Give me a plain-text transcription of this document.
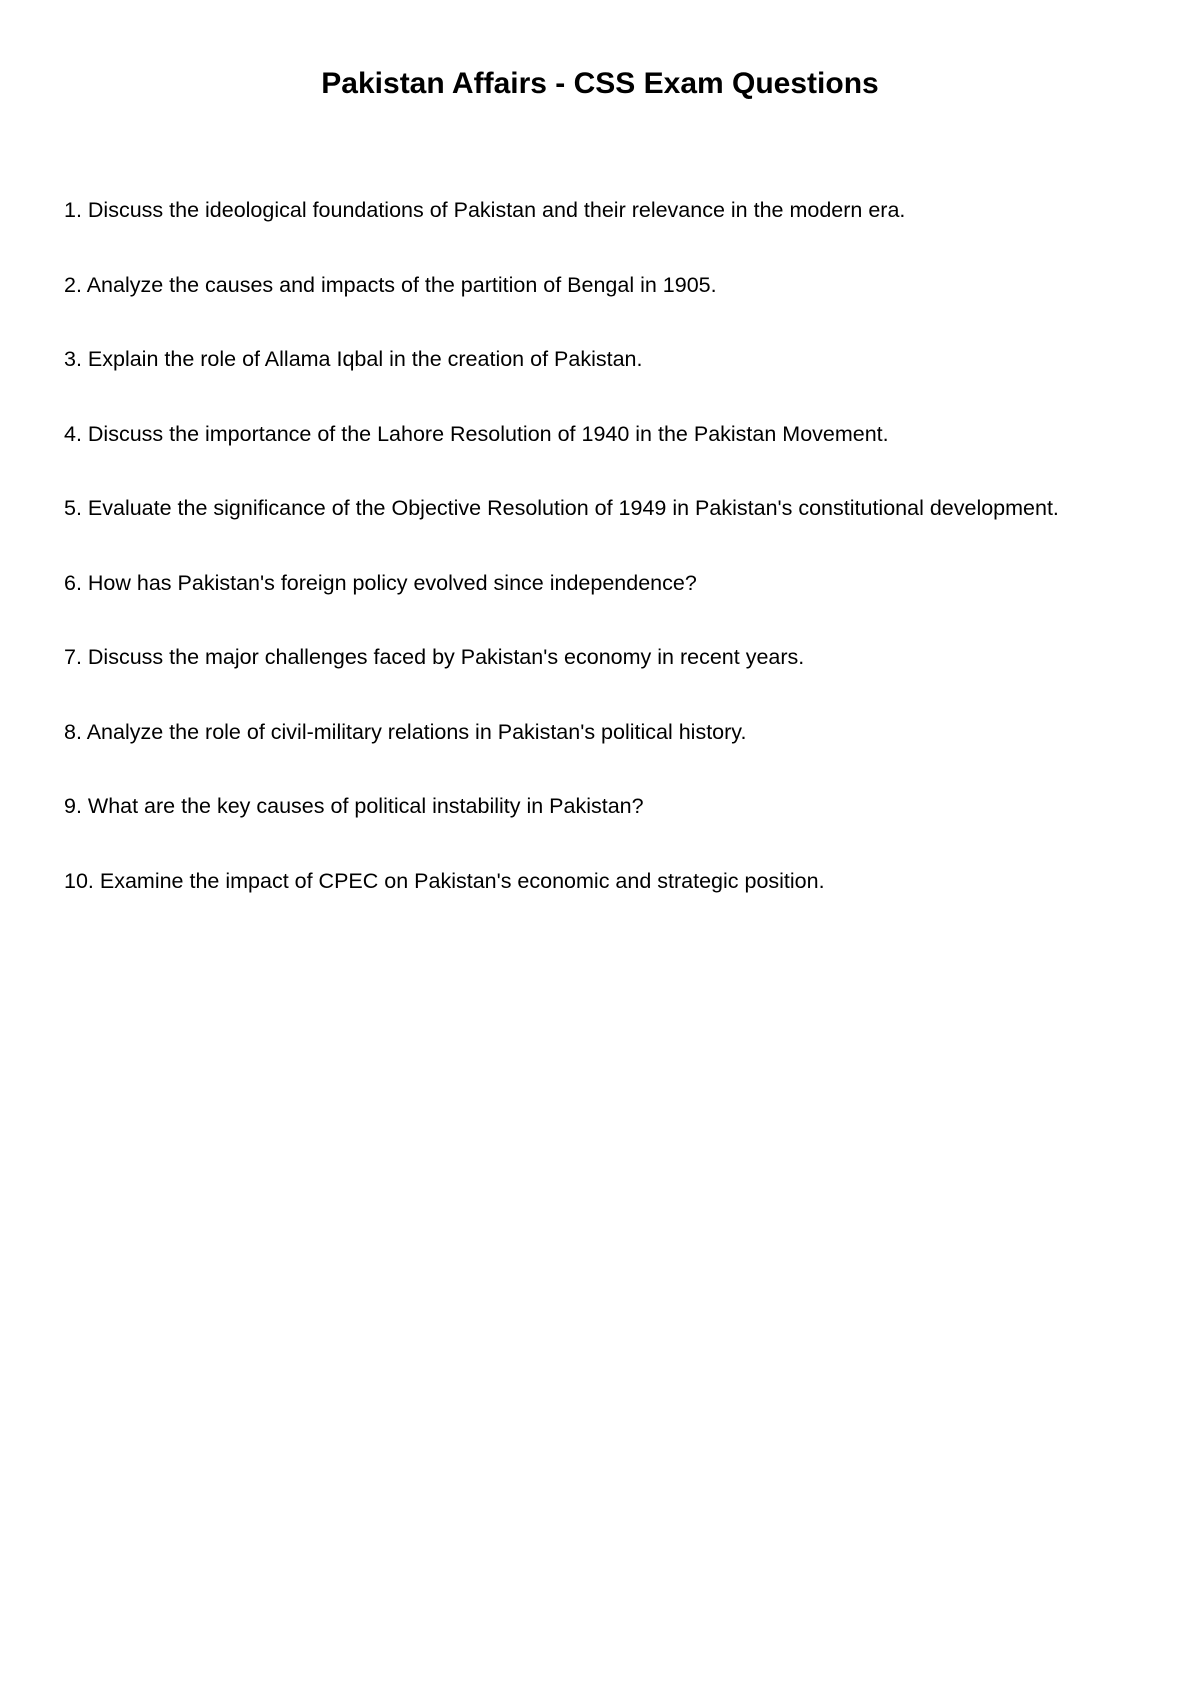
Pakistan Affairs - CSS Exam Questions
1. Discuss the ideological foundations of Pakistan and their relevance in the modern era.
2. Analyze the causes and impacts of the partition of Bengal in 1905.
3. Explain the role of Allama Iqbal in the creation of Pakistan.
4. Discuss the importance of the Lahore Resolution of 1940 in the Pakistan Movement.
5. Evaluate the significance of the Objective Resolution of 1949 in Pakistan's constitutional development.
6. How has Pakistan's foreign policy evolved since independence?
7. Discuss the major challenges faced by Pakistan's economy in recent years.
8. Analyze the role of civil-military relations in Pakistan's political history.
9. What are the key causes of political instability in Pakistan?
10. Examine the impact of CPEC on Pakistan's economic and strategic position.
